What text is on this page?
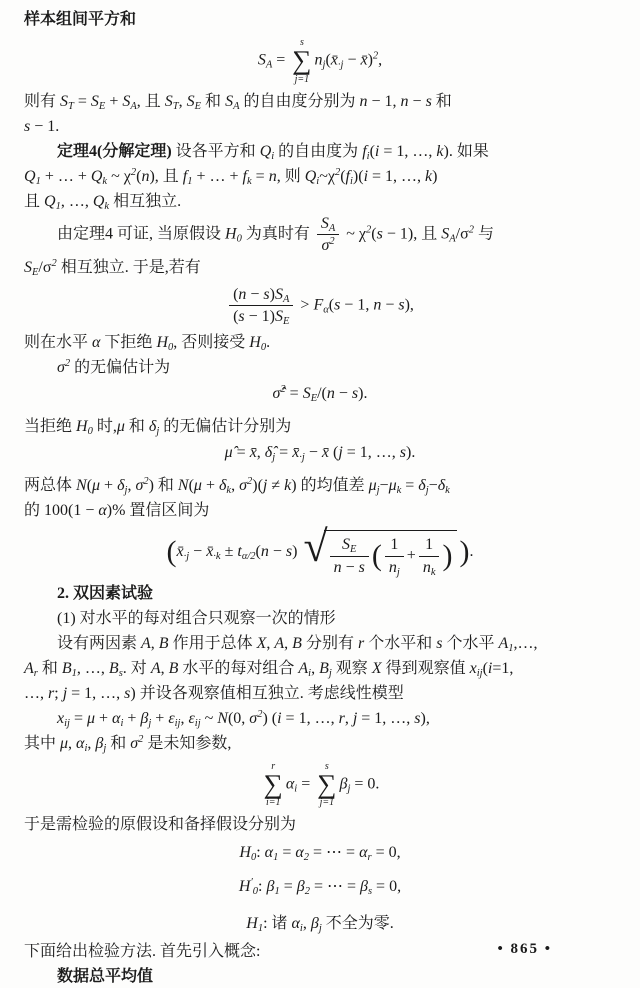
样本组间平方和
$S_A$ =
s
∑
j=1
$n_j(x̄_{\cdot j}$ − x̄)$^2$,
则有 $S_T = S_E + S_A$, 且 $S_T$, $S_E$ 和 $S_A$ 的自由度分别为 n − 1, n − s 和
s − 1.
定理4(分解定理) 设各平方和 $Q_i$ 的自由度为 $f_i(i = 1$, …, k). 如果
$Q_1$ + … + $Q_k$ ~ $\chi^2(n)$, 且 $f_1$ + … + $f_k = n$, 则 $Q_i\sim\chi^2(f_i)(i = 1$, …, k)
且 $Q_1$, …, $Q_k$ 相互独立.
由定理4 可证, 当原假设 $H_0$ 为真时有 $\frac{S_A}{\sigma^2}$ ~ $\chi^2(s - 1)$, 且 $S_A/\sigma^2$ 与
$S_E/\sigma^2$ 相互独立. 于是,若有
$\frac{(n - s)S_A}{(s - 1)S_E} > F_\alpha(s - 1$, n − s),
则在水平 α 下拒绝 $H_0$, 否则接受 $H_0$.
$\sigma^2$ 的无偏估计为
σ̂$^2$ = $S_E/(n - s)$.
当拒绝 $H_0$ 时,μ 和 $\delta_j$ 的无偏估计分别为
μ̂ = x̄, $\deltâ_j$ = $x̄_{\cdot j}$ − x̄ (j = 1, …, s).
两总体 $N(\mu + \delta_j$, $\sigma^2$) 和 $N(\mu + \delta_k$, $\sigma^2)(j \ne k)$ 的均值差 $\mu_j-\mu_k = \delta_j-\delta_k$
的 100(1 − α)% 置信区间为
($x̄_{\cdot j}$ − $x̄_{\cdot k} \pm t_{\alpha/2}(n - s)$ √ $\frac{S_E}{n - s}$ ( $\frac{1}{n_j} + \frac{1}{n_k}$ ) ).
2. 双因素试验
(1) 对水平的每对组合只观察一次的情形
设有两因素 A, B 作用于总体 X, A, B 分别有 r 个水平和 s 个水平 $A_1,\dots$,
$A_r$ 和 $B_1$, …, $B_s$. 对 A, B 水平的每对组合 $A_i$, $B_j$ 观察 X 得到观察值 $x_{ij}(i=1$,
…, r; j = 1, …, s) 并设各观察值相互独立. 考虑线性模型
$x_{ij} = \mu + \alpha_i + \beta_j + \varepsilon_{ij}$, $\varepsilon_{ij}$ ~ N(0, $\sigma^2$) (i = 1, …, r, j = 1, …, s),
其中 μ, $\alpha_i$, $\beta_j$ 和 $\sigma^2$ 是未知参数,
r
∑
i=1
$\alpha_i$ =
s
∑
j=1
$\beta_j = 0$.
于是需检验的原假设和备择假设分别为
$H_0$: $\alpha_1 = \alpha_2$ = ⋯ = $\alpha_r = 0$,
$H'_0$: $\beta_1 = \beta_2$ = ⋯ = $\beta_s = 0$,
$H_1$: 诸 $\alpha_i$, $\beta_j$ 不全为零.
下面给出检验方法. 首先引入概念:
数据总平均值
• 865 •
